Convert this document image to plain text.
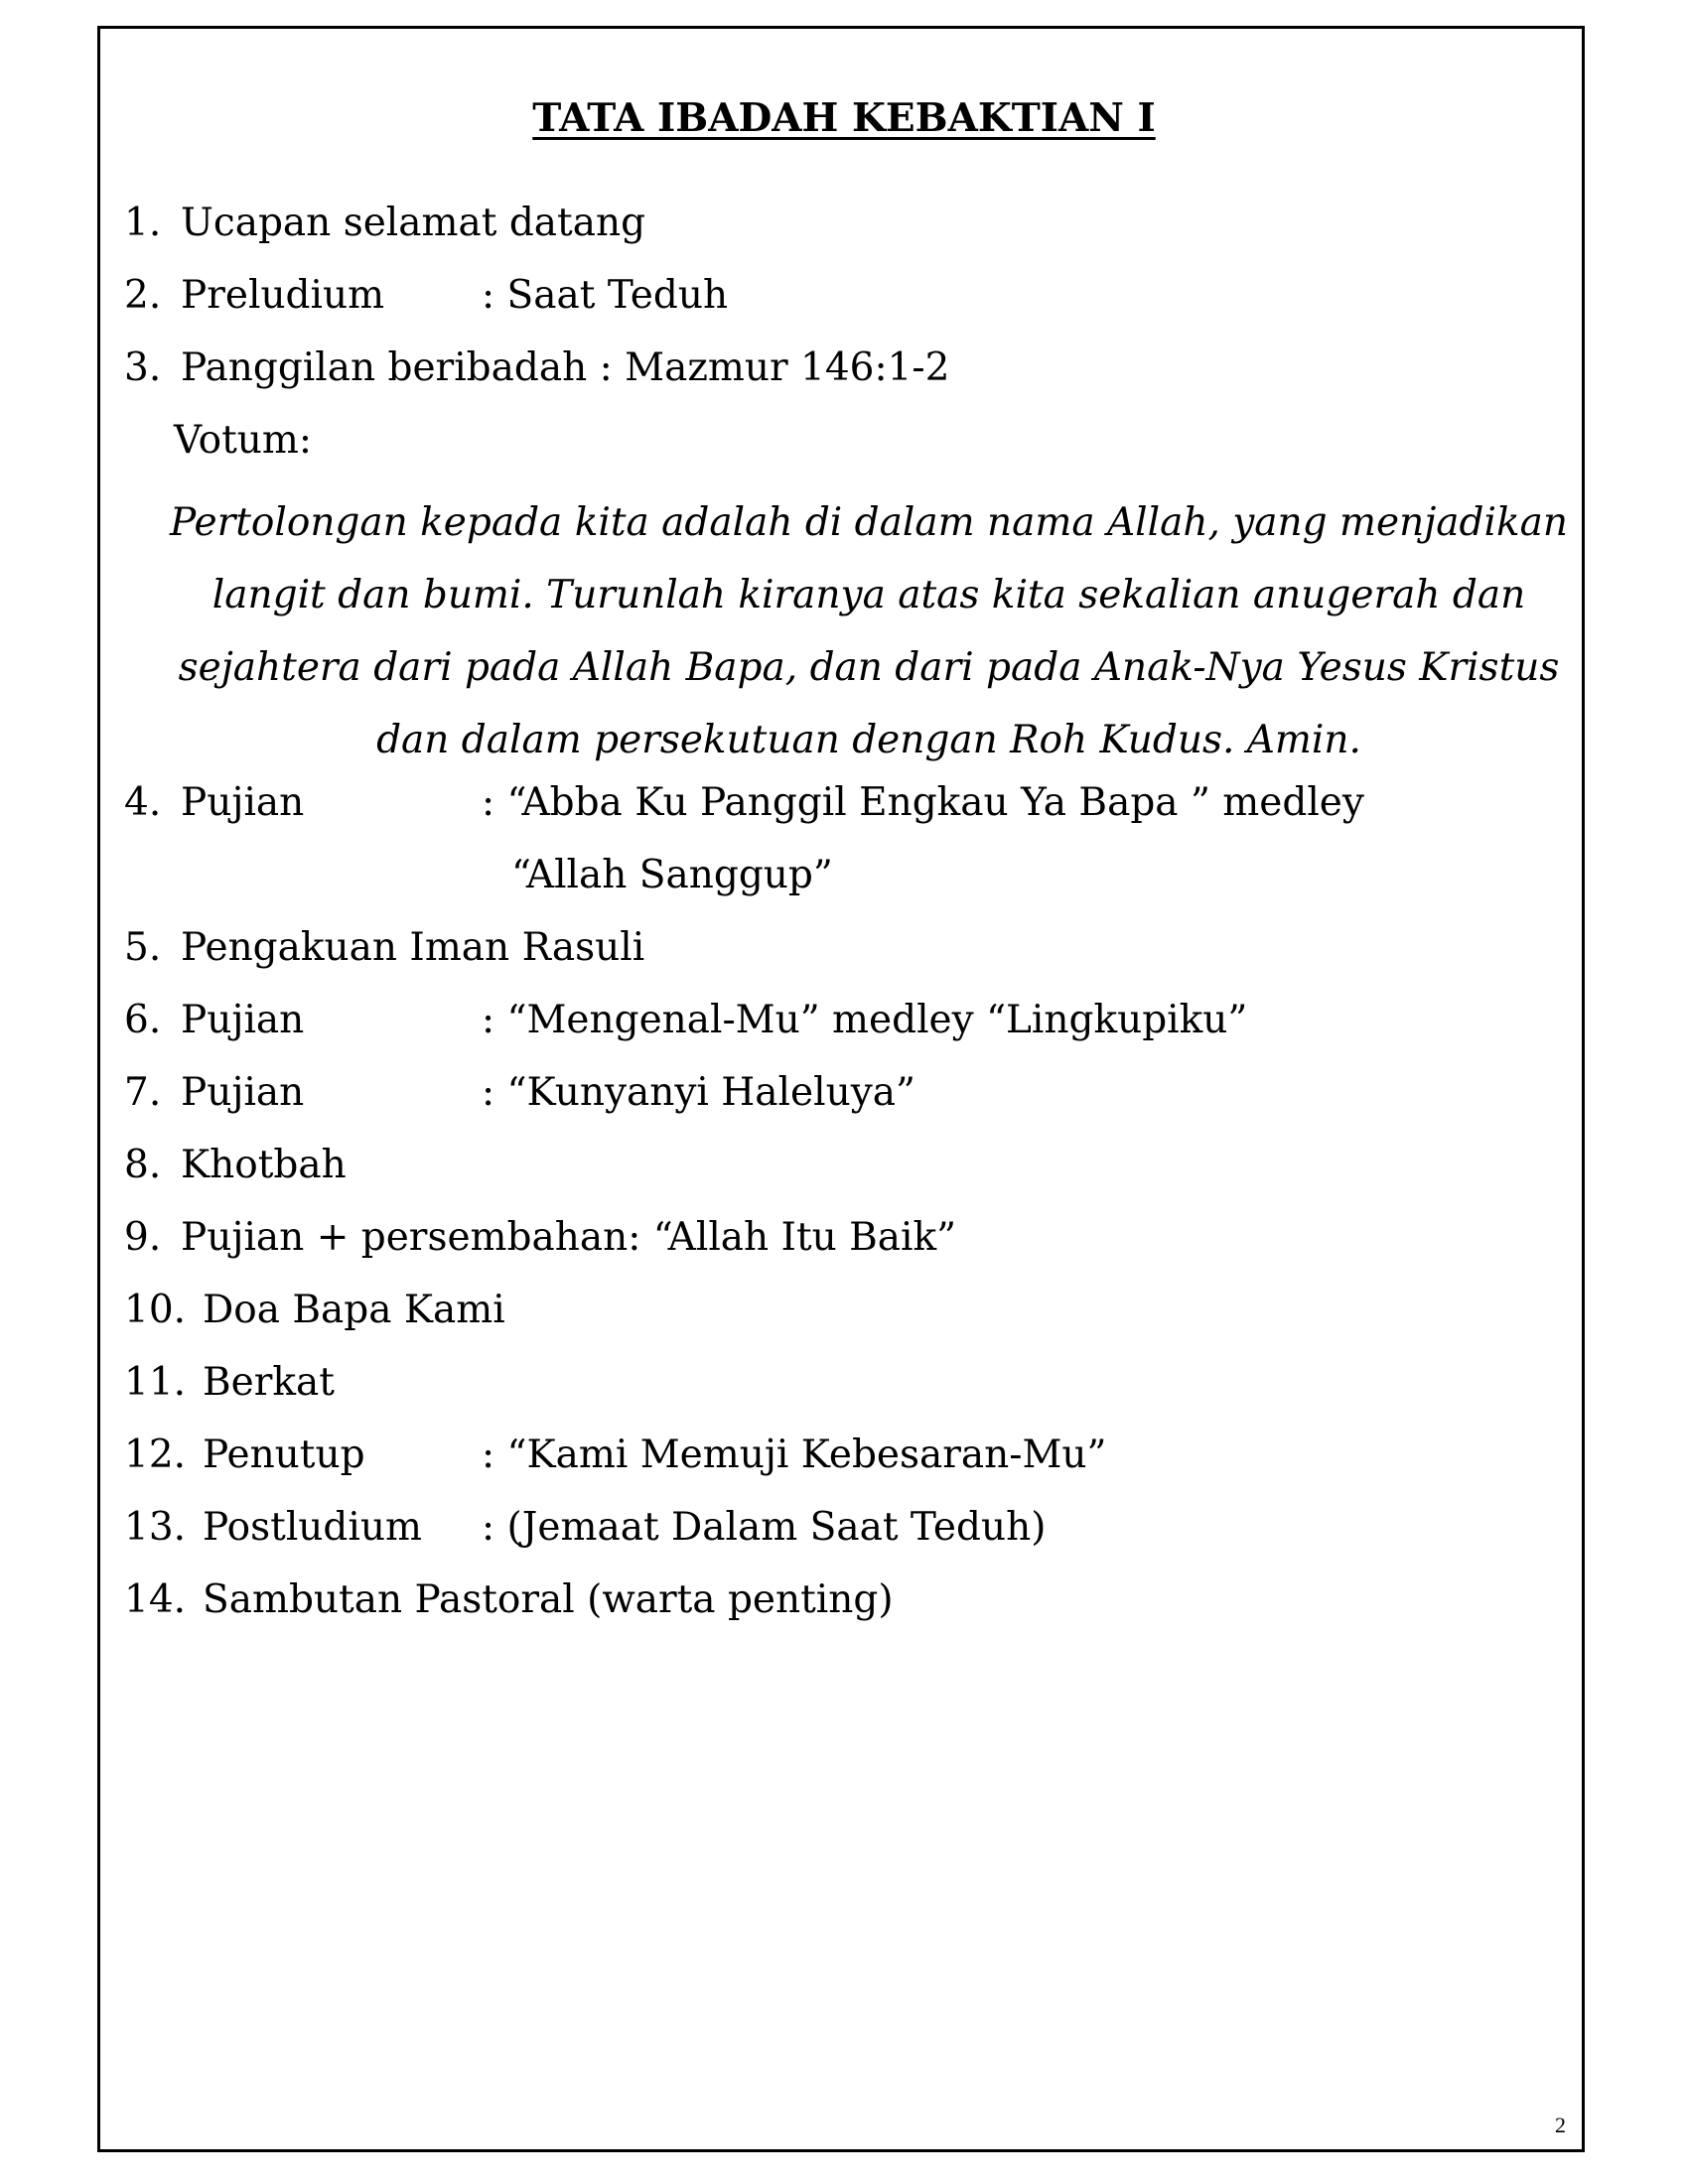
TATA IBADAH KEBAKTIAN I
1. Ucapan selamat datang
2. Preludium	: Saat Teduh
3. Panggilan beribadah : Mazmur 146:1-2
Votum:
Pertolongan kepada kita adalah di dalam nama Allah, yang menjadikan langit dan bumi. Turunlah kiranya atas kita sekalian anugerah dan sejahtera dari pada Allah Bapa, dan dari pada Anak-Nya Yesus Kristus dan dalam persekutuan dengan Roh Kudus. Amin.
4. Pujian	: “Abba Ku Panggil Engkau Ya Bapa ” medley
“Allah Sanggup”
5. Pengakuan Iman Rasuli
6. Pujian	: “Mengenal-Mu” medley “Lingkupiku”
7. Pujian	: “Kunyanyi Haleluya”
8. Khotbah
9. Pujian + persembahan: “Allah Itu Baik”
10. Doa Bapa Kami
11. Berkat
12. Penutup	: “Kami Memuji Kebesaran-Mu”
13. Postludium : (Jemaat Dalam Saat Teduh)
14. Sambutan Pastoral (warta penting)
2
